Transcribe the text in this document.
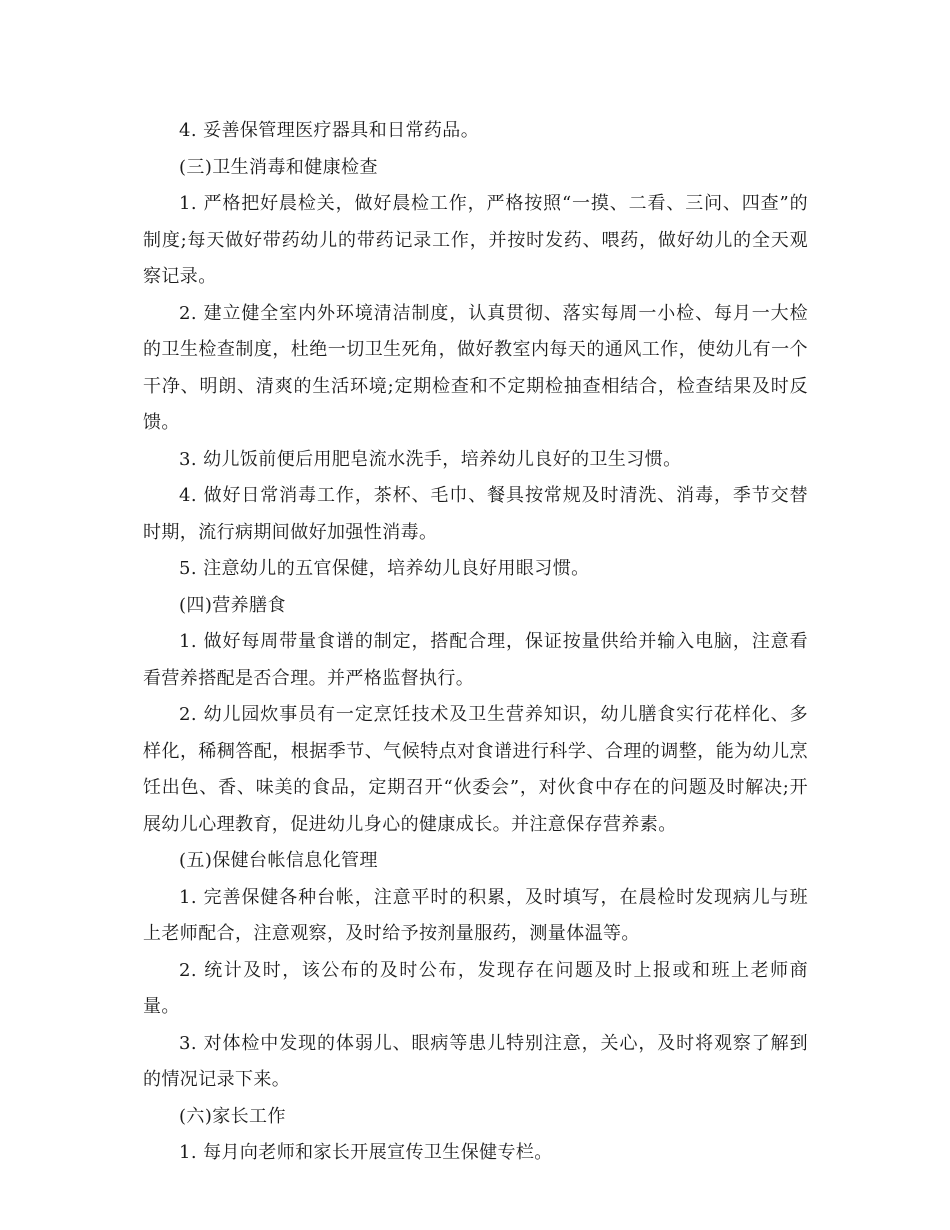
4. 妥善保管理医疗器具和日常药品。

(三)卫生消毒和健康检查

1. 严格把好晨检关，做好晨检工作，严格按照“一摸、二看、三问、四查”的制度;每天做好带药幼儿的带药记录工作，并按时发药、喂药，做好幼儿的全天观察记录。

2. 建立健全室内外环境清洁制度，认真贯彻、落实每周一小检、每月一大检的卫生检查制度，杜绝一切卫生死角，做好教室内每天的通风工作，使幼儿有一个干净、明朗、清爽的生活环境;定期检查和不定期检抽查相结合，检查结果及时反馈。

3. 幼儿饭前便后用肥皂流水洗手，培养幼儿良好的卫生习惯。

4. 做好日常消毒工作，茶杯、毛巾、餐具按常规及时清洗、消毒，季节交替时期，流行病期间做好加强性消毒。

5. 注意幼儿的五官保健，培养幼儿良好用眼习惯。

(四)营养膳食

1. 做好每周带量食谱的制定，搭配合理，保证按量供给并输入电脑，注意看看营养搭配是否合理。并严格监督执行。

2. 幼儿园炊事员有一定烹饪技术及卫生营养知识，幼儿膳食实行花样化、多样化，稀稠答配，根据季节、气候特点对食谱进行科学、合理的调整，能为幼儿烹饪出色、香、味美的食品，定期召开“伙委会”，对伙食中存在的问题及时解决;开展幼儿心理教育，促进幼儿身心的健康成长。并注意保存营养素。

(五)保健台帐信息化管理

1. 完善保健各种台帐，注意平时的积累，及时填写，在晨检时发现病儿与班上老师配合，注意观察，及时给予按剂量服药，测量体温等。

2. 统计及时，该公布的及时公布，发现存在问题及时上报或和班上老师商量。

3. 对体检中发现的体弱儿、眼病等患儿特别注意，关心，及时将观察了解到的情况记录下来。

(六)家长工作

1. 每月向老师和家长开展宣传卫生保健专栏。
